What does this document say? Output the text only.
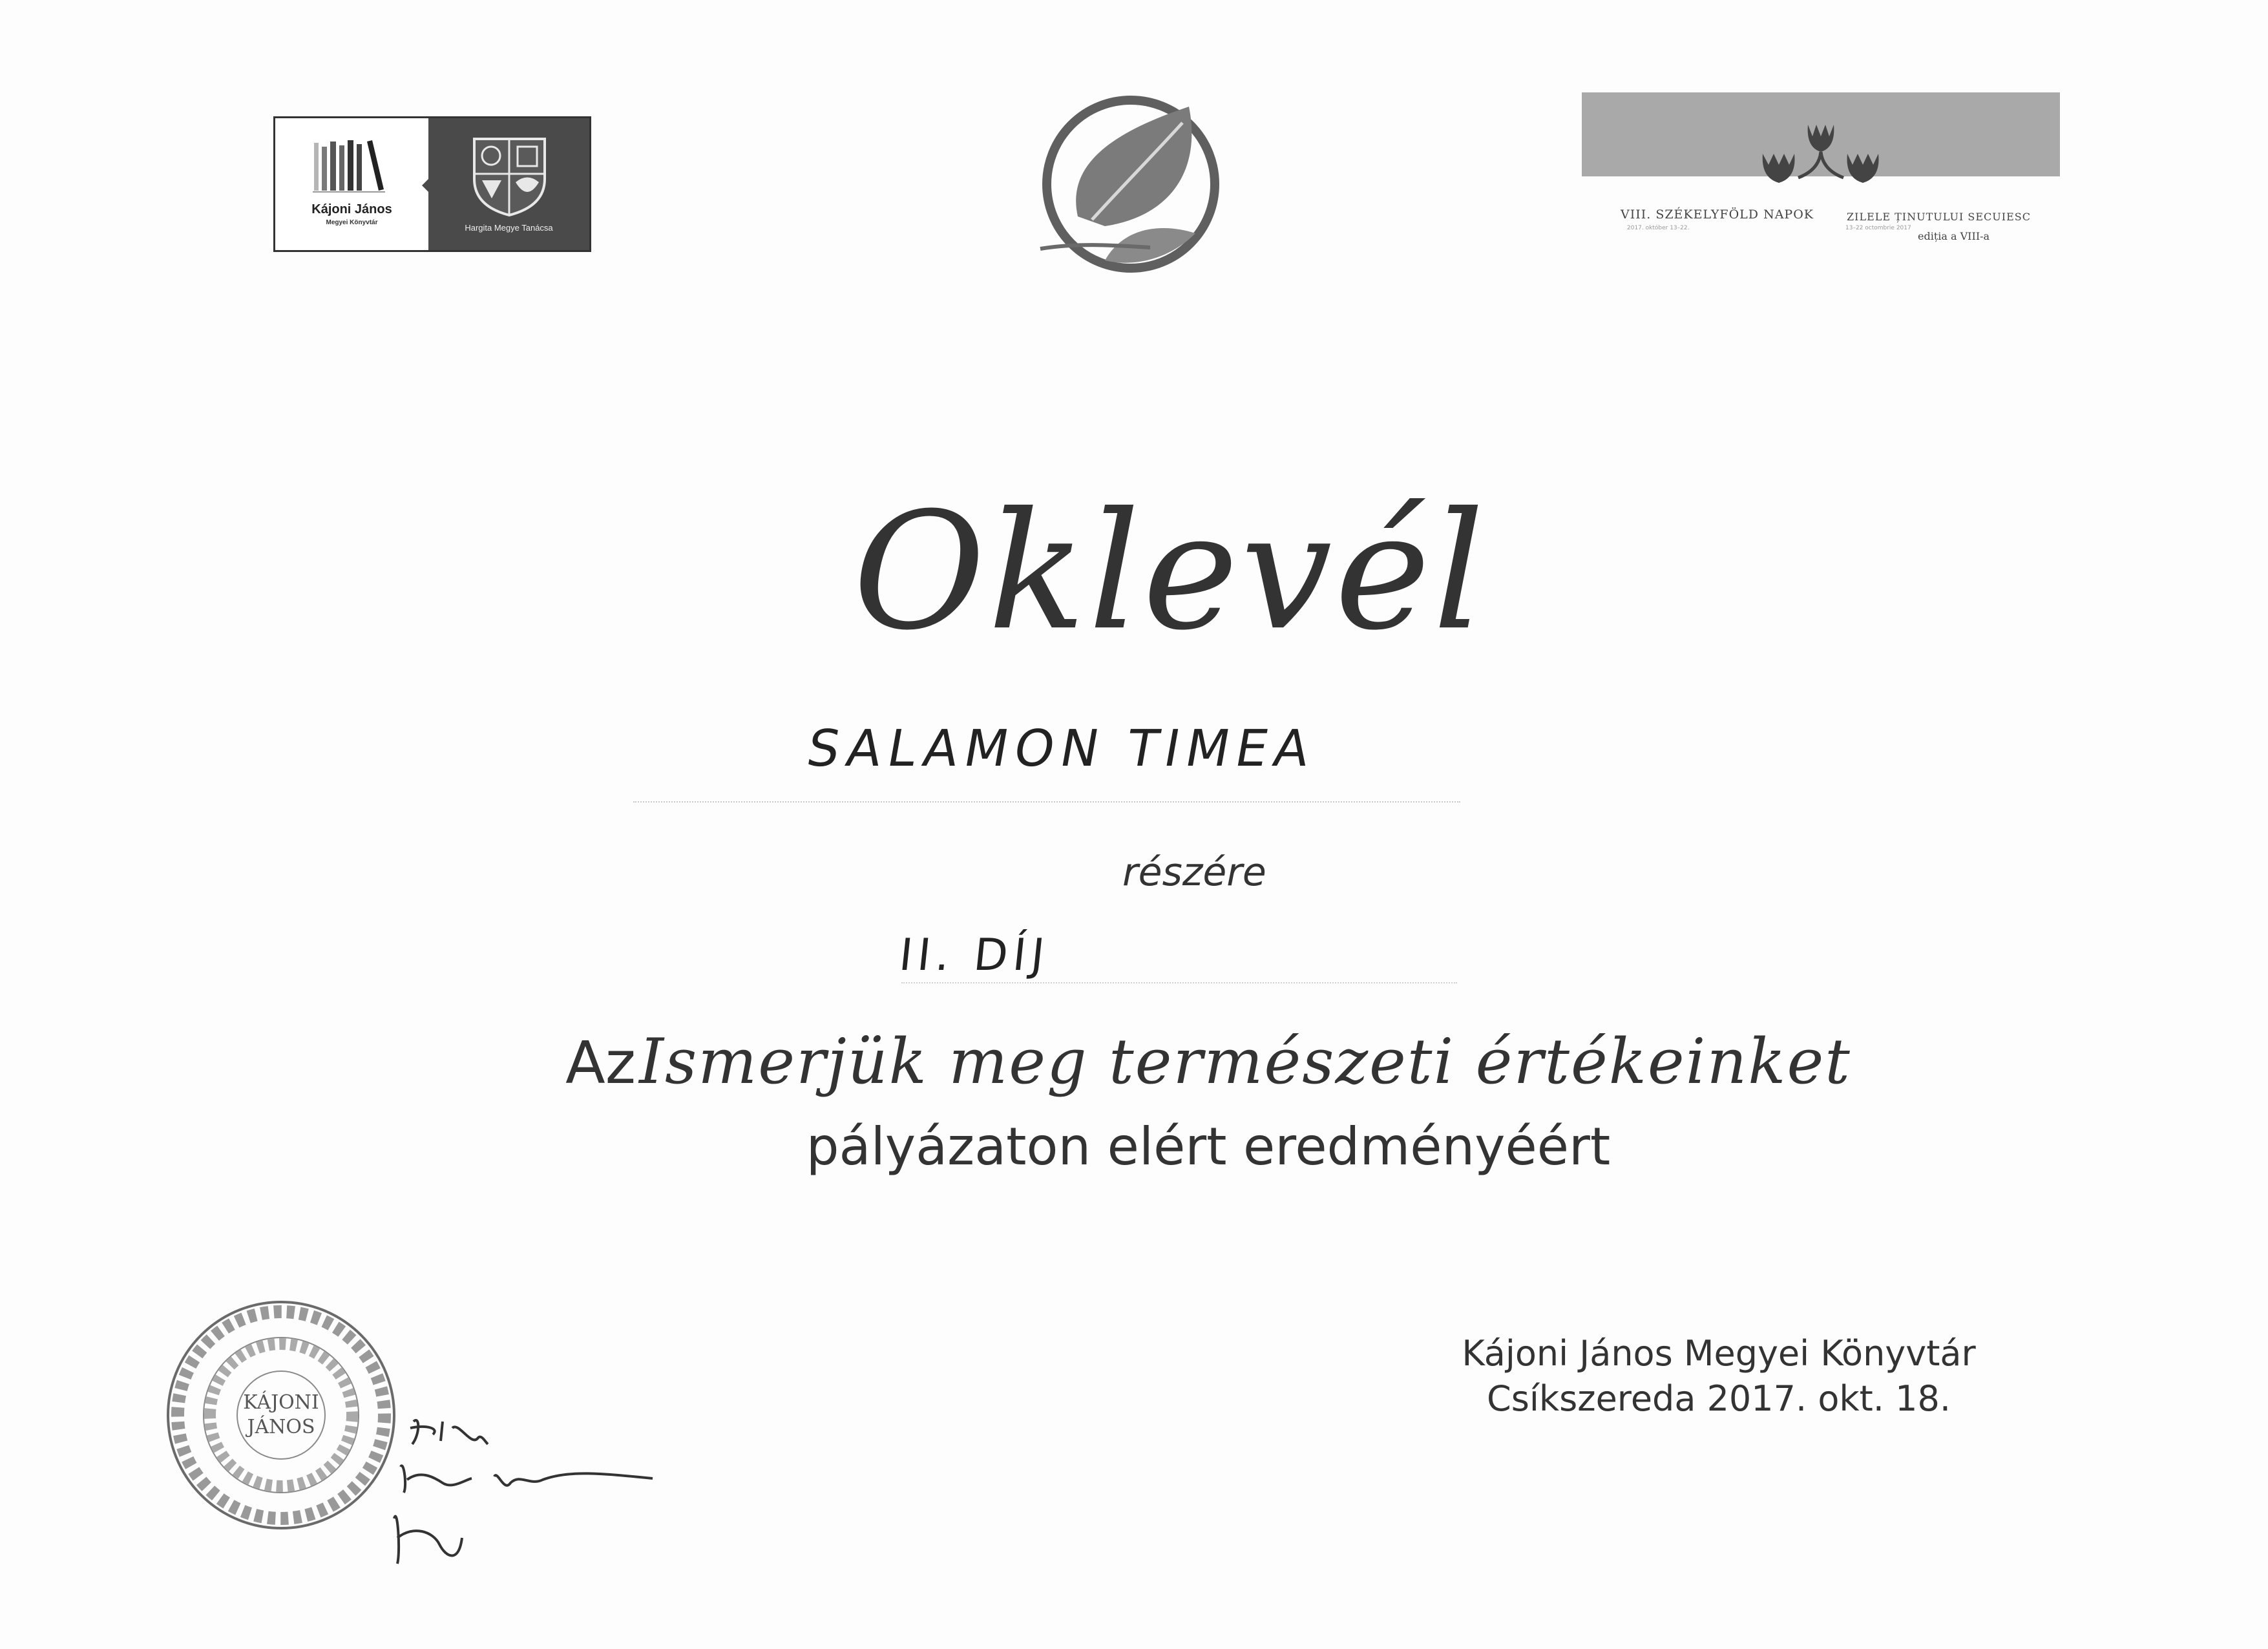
Kájoni János
Megyei Könyvtár
Hargita Megye Tanácsa
VIII. SZÉKELYFÖLD NAPOK
2017. október 13–22.
ZILELE ȚINUTULUI SECUIESC
13–22 octombrie 2017
ediția a VIII-a
Oklevél
SALAMON TIMEA
részére
II. DÍJ
Az Ismerjük meg természeti értékeinket
pályázaton elért eredményéért
KÁJONI
JÁNOS
Kájoni János Megyei Könyvtár
Csíkszereda 2017. okt. 18.
